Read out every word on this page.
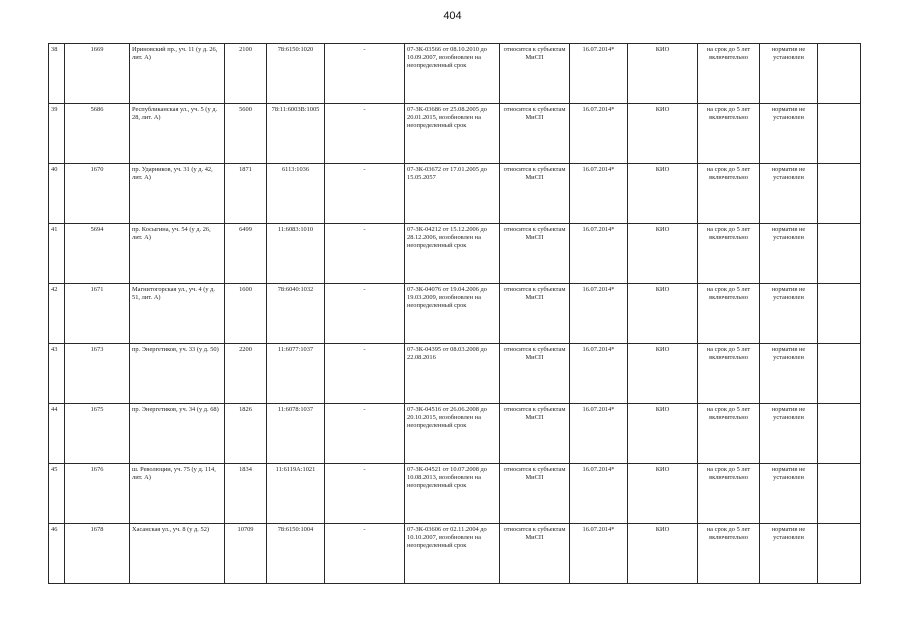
404
38	1669	Ириновский пр., уч. 11 (у д. 26, лит. А)	2100	78:6150:1020	-	07-ЗК-03566 от 08.10.2010 до 10.09.2007, возобновлен на неопределенный срок	относится к субъектам МиСП	16.07.2014*	КИО	на срок до 5 лет включительно	норматив не установлен	
39	5686	Республиканская ул., уч. 5 (у д. 28, лит. А)	5600	78:11:6003В:1005	-	07-ЗК-03686 от 25.08.2005 до 20.01.2015, возобновлен на неопределенный срок	относится к субъектам МиСП	16.07.2014*	КИО	на срок до 5 лет включительно	норматив не установлен	
40	1670	пр. Ударников, уч. 31 (у д. 42, лит. А)	1871	6113:1036	-	07-ЗК-03672 от 17.01.2005 до 15.05.2057	относится к субъектам МиСП	16.07.2014*	КИО	на срок до 5 лет включительно	норматив не установлен	
41	5694	пр. Косыгина, уч. 54 (у д. 26, лит. А)	6499	11:6083:1010	-	07-ЗК-04212 от 15.12.2006 до 28.12.2006, возобновлен на неопределенный срок	относится к субъектам МиСП	16.07.2014*	КИО	на срок до 5 лет включительно	норматив не установлен	
42	1671	Магнитогорская ул., уч. 4 (у д. 51, лит. А)	1600	78:6040:1032	-	07-ЗК-04076 от 19.04.2006 до 19.03.2009, возобновлен на неопределенный срок	относится к субъектам МиСП	16.07.2014*	КИО	на срок до 5 лет включительно	норматив не установлен	
43	1673	пр. Энергетиков, уч. 33 (у д. 50)	2200	11:6077:1037	-	07-ЗК-04395 от 08.03.2008 до 22.08.2016	относится к субъектам МиСП	16.07.2014*	КИО	на срок до 5 лет включительно	норматив не установлен	
44	1675	пр. Энергетиков, уч. 34 (у д. 68)	1826	11:6078:1037	-	07-ЗК-04516 от 26.06.2008 до 20.10.2015, возобновлен на неопределенный срок	относится к субъектам МиСП	16.07.2014*	КИО	на срок до 5 лет включительно	норматив не установлен	
45	1676	ш. Революции, уч. 75 (у д. 114, лит. А)	1834	11:6119А:1021	-	07-ЗК-04521 от 10.07.2008 до 10.08.2013, возобновлен на неопределенный срок	относится к субъектам МиСП	16.07.2014*	КИО	на срок до 5 лет включительно	норматив не установлен	
46	1678	Хасанская ул., уч. 8 (у д. 52)	10709	78:6150:1004	-	07-ЗК-03606 от 02.11.2004 до 10.10.2007, возобновлен на неопределенный срок	относится к субъектам МиСП	16.07.2014*	КИО	на срок до 5 лет включительно	норматив не установлен	
